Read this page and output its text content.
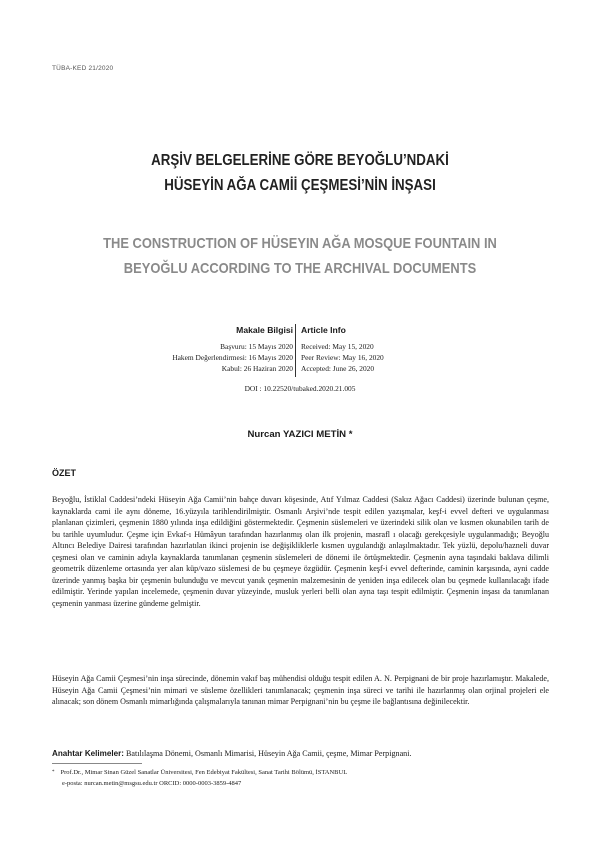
TÜBA-KED 21/2020
ARŞİV BELGELERİNE GÖRE BEYOĞLU’NDAKİ
HÜSEYİN AĞA CAMİİ ÇEŞMESİ’NİN İNŞASI
THE CONSTRUCTION OF HÜSEYIN AĞA MOSQUE FOUNTAIN IN
BEYOĞLU ACCORDING TO THE ARCHIVAL DOCUMENTS
Makale Bilgisi
Başvuru: 15 Mayıs 2020
Hakem Değerlendirmesi: 16 Mayıs 2020
Kabul: 26 Haziran 2020
Article Info
Received: May 15, 2020
Peer Review: May 16, 2020
Accepted: June 26, 2020
DOI : 10.22520/tubaked.2020.21.005
Nurcan YAZICI METİN *
ÖZET

Beyoğlu, İstiklal Caddesi’ndeki Hüseyin Ağa Camii’nin bahçe duvarı köşesinde, Atıf Yılmaz Caddesi (Sakız Ağacı Caddesi) üzerinde bulunan çeşme, kaynaklarda cami ile aynı döneme, 16.yüzyıla tarihlendirilmiştir. Osmanlı Arşivi’nde tespit edilen yazışmalar, keşf-i evvel defteri ve uygulanması planlanan çizimleri, çeşmenin 1880 yılında inşa edildiğini göstermektedir. Çeşmenin süslemeleri ve üzerindeki silik olan ve kısmen okunabilen tarih de bu tarihle uyumludur. Çeşme için Evkaf-ı Hümâyun tarafından hazırlanmış olan ilk projenin, masrafl ı olacağı gerekçesiyle uygulanmadığı; Beyoğlu Altıncı Belediye Dairesi tarafından hazırlatılan ikinci projenin ise değişikliklerle kısmen uygulandığı anlaşılmaktadır. Tek yüzlü, depolu/hazneli duvar çeşmesi olan ve caminin adıyla kaynaklarda tanımlanan çeşmenin süslemeleri de dönemi ile örtüşmektedir. Çeşmenin ayna taşındaki baklava dilimli geometrik düzenleme ortasında yer alan küp/vazo süslemesi de bu çeşmeye özgüdür. Çeşmenin keşf-i evvel defterinde, caminin karşısında, ayni cadde üzerinde yanmış başka bir çeşmenin bulunduğu ve mevcut yanık çeşmenin malzemesinin de yeniden inşa edilecek olan bu çeşmede kullanılacağı ifade edilmiştir. Yerinde yapılan incelemede, çeşmenin duvar yüzeyinde, musluk yerleri belli olan ayna taşı tespit edilmiştir. Çeşmenin inşası da tanımlanan çeşmenin yanması üzerine gündeme gelmiştir.

Hüseyin Ağa Camii Çeşmesi’nin inşa sürecinde, dönemin vakıf baş mühendisi olduğu tespit edilen A. N. Perpignani de bir proje hazırlamıştır. Makalede, Hüseyin Ağa Camii Çeşmesi’nin mimari ve süsleme özellikleri tanımlanacak; çeşmenin inşa süreci ve tarihi ile hazırlanmış olan orjinal projeleri ele alınacak; son dönem Osmanlı mimarlığında çalışmalarıyla tanınan mimar Perpignani’nin bu çeşme ile bağlantısına değinilecektir.

Anahtar Kelimeler: Batılılaşma Dönemi, Osmanlı Mimarisi, Hüseyin Ağa Camii, çeşme, Mimar Perpignani.
* Prof.Dr., Mimar Sinan Güzel Sanatlar Üniversitesi, Fen Edebiyat Fakültesi, Sanat Tarihi Bölümü, İSTANBUL
e-posta: nurcan.metin@msgsu.edu.tr ORCID: 0000-0003-3859-4847
